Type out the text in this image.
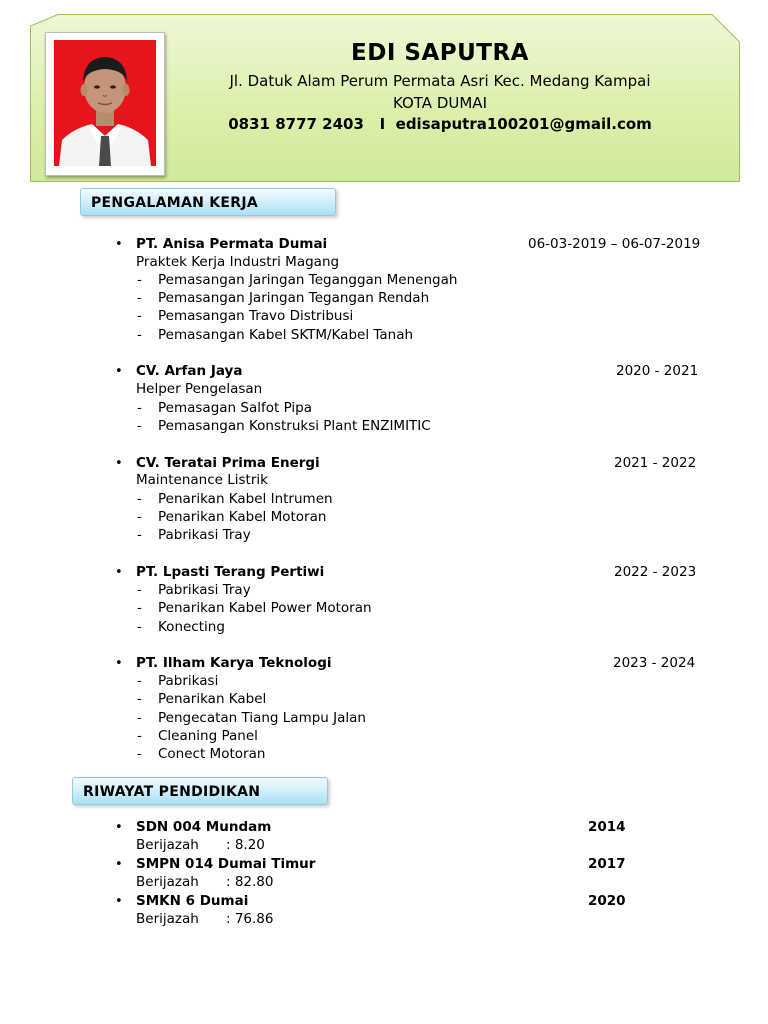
EDI SAPUTRA
Jl. Datuk Alam Perum Permata Asri Kec. Medang Kampai
KOTA DUMAI
0831 8777 2403 I edisaputra100201@gmail.com
PENGALAMAN KERJA
• PT. Anisa Permata Dumai	06-03-2019 – 06-07-2019
Praktek Kerja Industri Magang
- Pemasangan Jaringan Teganggan Menengah
- Pemasangan Jaringan Tegangan Rendah
- Pemasangan Travo Distribusi
- Pemasangan Kabel SKTM/Kabel Tanah
• CV. Arfan Jaya	2020 - 2021
Helper Pengelasan
- Pemasagan Salfot Pipa
- Pemasangan Konstruksi Plant ENZIMITIC
• CV. Teratai Prima Energi	2021 - 2022
Maintenance Listrik
- Penarikan Kabel Intrumen
- Penarikan Kabel Motoran
- Pabrikasi Tray
• PT. Lpasti Terang Pertiwi	2022 - 2023
- Pabrikasi Tray
- Penarikan Kabel Power Motoran
- Konecting
• PT. Ilham Karya Teknologi	2023 - 2024
- Pabrikasi
- Penarikan Kabel
- Pengecatan Tiang Lampu Jalan
- Cleaning Panel
- Conect Motoran
RIWAYAT PENDIDIKAN
• SDN 004 Mundam	2014
Berijazah : 8.20
• SMPN 014 Dumai Timur	2017
Berijazah : 82.80
• SMKN 6 Dumai	2020
Berijazah : 76.86
